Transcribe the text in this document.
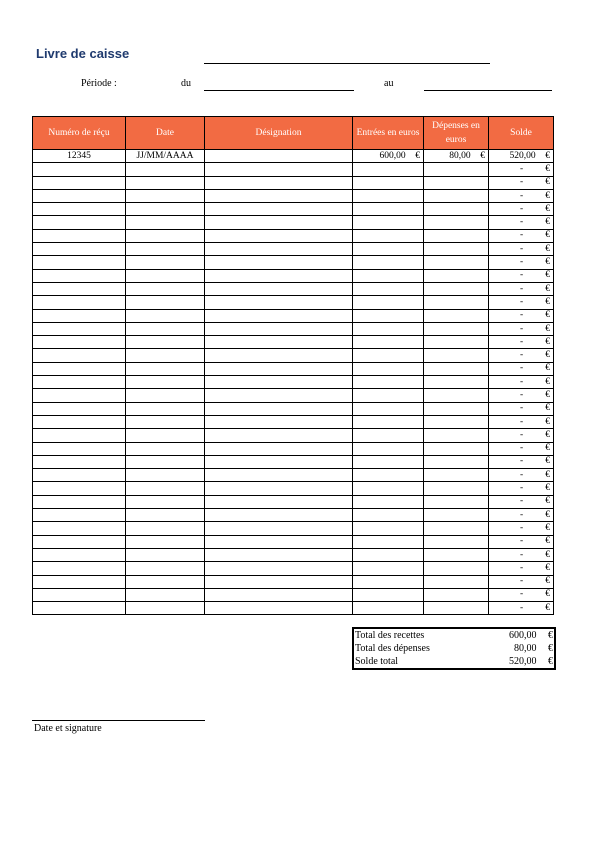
Livre de caisse
Période :	du	au
Numéro de réçu	Date	Désignation	Entrées en euros	Dépenses en euros	Solde
12345	JJ/MM/AAAA		600,00 €	80,00 €	520,00 €
					- €
					- €
					- €
					- €
					- €
					- €
					- €
					- €
					- €
					- €
					- €
					- €
					- €
					- €
					- €
					- €
					- €
					- €
					- €
					- €
					- €
					- €
					- €
					- €
					- €
					- €
					- €
					- €
					- €
					- €
					- €
					- €
					- €
					- €
Total des recettes	600,00 €
Total des dépenses	80,00 €
Solde total	520,00 €
Date et signature
